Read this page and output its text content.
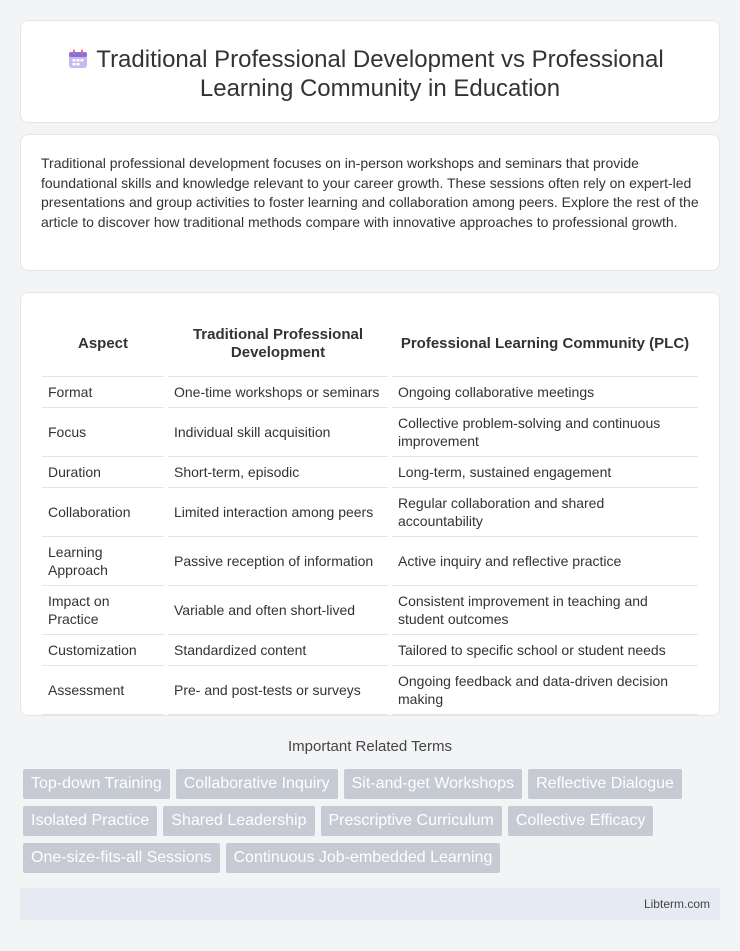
Traditional Professional Development vs Professional Learning Community in Education

Traditional professional development focuses on in-person workshops and seminars that provide foundational skills and knowledge relevant to your career growth. These sessions often rely on expert-led presentations and group activities to foster learning and collaboration among peers. Explore the rest of the article to discover how traditional methods compare with innovative approaches to professional growth.

Aspect	Traditional Professional Development	Professional Learning Community (PLC)
Format	One-time workshops or seminars	Ongoing collaborative meetings
Focus	Individual skill acquisition	Collective problem-solving and continuous improvement
Duration	Short-term, episodic	Long-term, sustained engagement
Collaboration	Limited interaction among peers	Regular collaboration and shared accountability
Learning Approach	Passive reception of information	Active inquiry and reflective practice
Impact on Practice	Variable and often short-lived	Consistent improvement in teaching and student outcomes
Customization	Standardized content	Tailored to specific school or student needs
Assessment	Pre- and post-tests or surveys	Ongoing feedback and data-driven decision making
Important Related Terms
Top-down Training	Collaborative Inquiry	Sit-and-get Workshops	Reflective Dialogue
Isolated Practice	Shared Leadership	Prescriptive Curriculum	Collective Efficacy
One-size-fits-all Sessions	Continuous Job-embedded Learning
Libterm.com
